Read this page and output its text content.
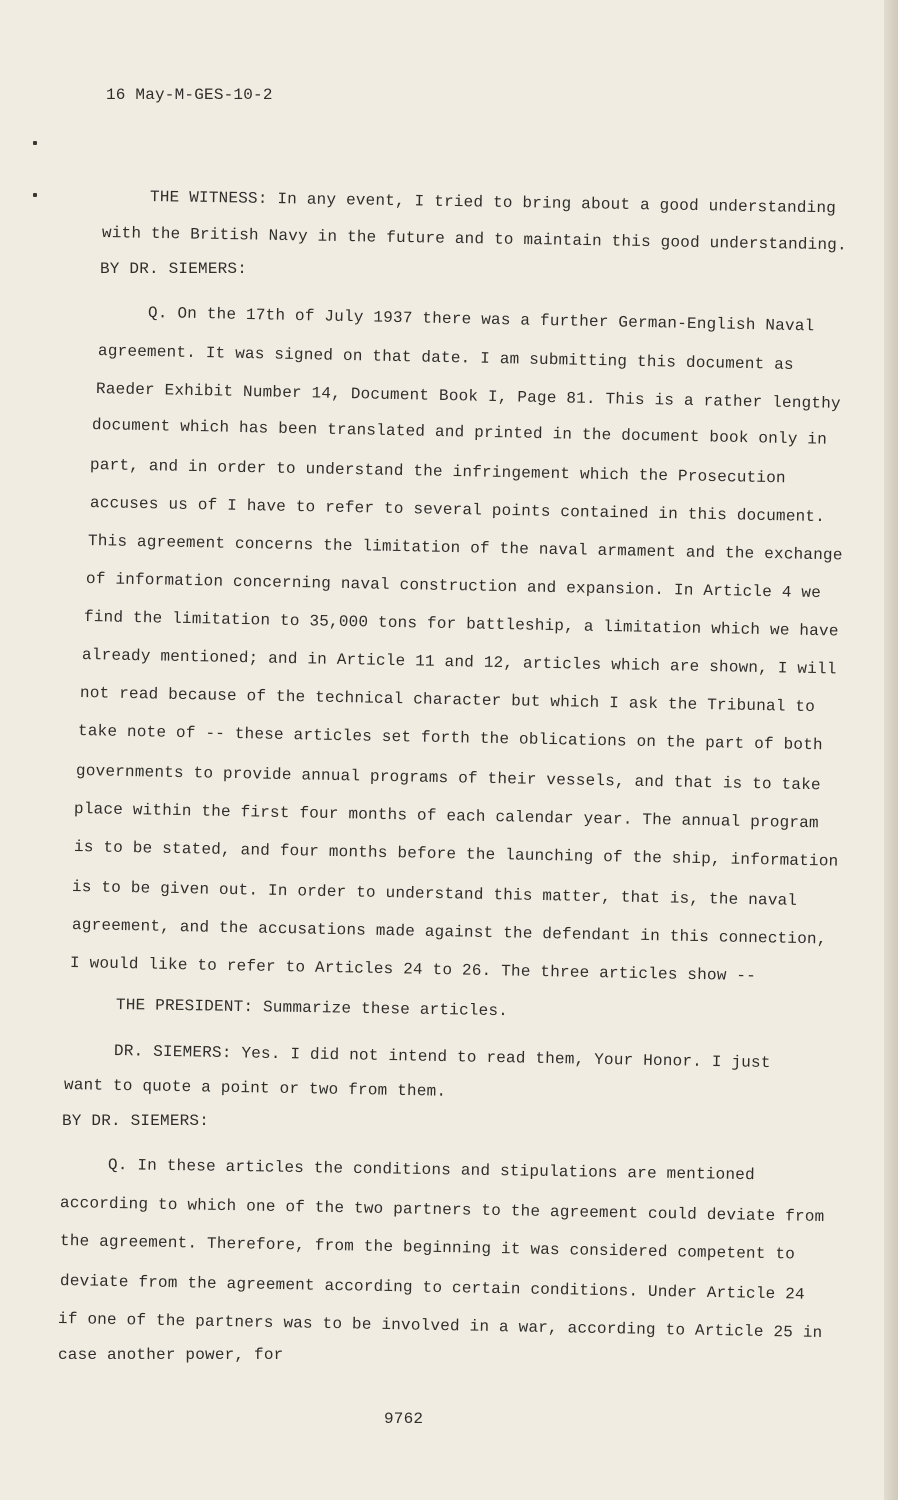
16 May-M-GES-10-2
THE WITNESS: In any event, I tried to bring about a good understanding
with the British Navy in the future and to maintain this good understanding.
BY DR. SIEMERS:
Q. On the 17th of July 1937 there was a further German-English Naval
agreement. It was signed on that date. I am submitting this document as
Raeder Exhibit Number 14, Document Book I, Page 81. This is a rather lengthy
document which has been translated and printed in the document book only in
part, and in order to understand the infringement which the Prosecution
accuses us of I have to refer to several points contained in this document.
This agreement concerns the limitation of the naval armament and the exchange
of information concerning naval construction and expansion. In Article 4 we
find the limitation to 35,000 tons for battleship, a limitation which we have
already mentioned; and in Article 11 and 12, articles which are shown, I will
not read because of the technical character but which I ask the Tribunal to
take note of -- these articles set forth the oblications on the part of both
governments to provide annual programs of their vessels, and that is to take
place within the first four months of each calendar year. The annual program
is to be stated, and four months before the launching of the ship, information
is to be given out. In order to understand this matter, that is, the naval
agreement, and the accusations made against the defendant in this connection,
I would like to refer to Articles 24 to 26. The three articles show --
THE PRESIDENT: Summarize these articles.
DR. SIEMERS: Yes. I did not intend to read them, Your Honor. I just
want to quote a point or two from them.
BY DR. SIEMERS:
Q. In these articles the conditions and stipulations are mentioned
according to which one of the two partners to the agreement could deviate from
the agreement. Therefore, from the beginning it was considered competent to
deviate from the agreement according to certain conditions. Under Article 24
if one of the partners was to be involved in a war, according to Article 25 in
case another power, for
9762
